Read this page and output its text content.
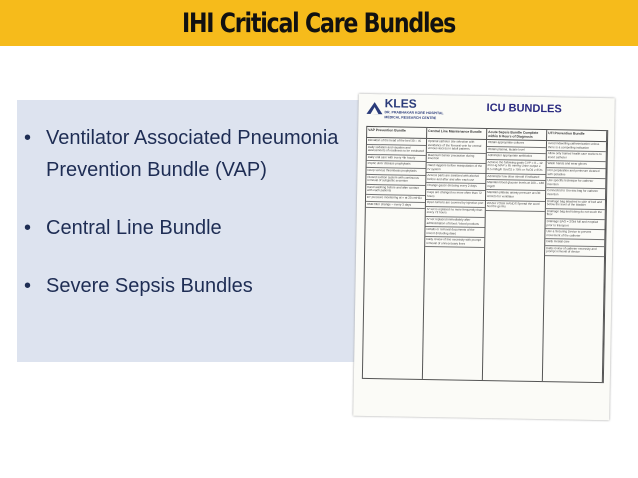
IHI Critical Care Bundles
• Ventilator Associated Pneumonia Prevention Bundle (VAP)
• Central Line Bundle
• Severe Sepsis Bundles
KLES
DR. PRABHAKAR KORE HOSPITAL
MEDICAL RESEARCH CENTRE
ICU BUNDLES
VAP Prevention Bundle	Central Line Maintenance Bundle	Acute Sepsis Bundle Complete within 6 Hours of Diagnosis
UTI Prevention Bundle
Elevation of the head of the bed 30 – 45
Daily sedation and vacation and assessments of readiness to be extubated
Daily oral care with every 4th hourly
Peptic ulcer disease prophylaxis
Deep venous thrombosis prophylaxis
Closed suction system with continuous removal of subglottic secretion
Hand washing before and after contact with each patients
ET pressure monitoring at = at 20 cmH2o
HME filter change – every 3 days
Optimal catheter site selection with avoidance of the femoral vein for central venous access in adult patients
Maximum barrier precaution during insertion
Hand Hygiene before manipulation of the IV system
Access parts are sanitized with alcohol before and after and after each use
Change gauze dressing every 2 days
Caps are changed no more often than 72 hours
Open lumens are covered by injection port
IV set is replaced no more frequently than every 72 hours
IV set replaced immediately after administration of blood / blood products
Details or removal documents of the recent (including date)
Daily review of line necessity with prompt removal of unnecessary lines
Obtain appropriate cultures
Obtain plasma, lactate level
Administer appropriate antibiotics
Achieve the following goals CVP = 8 – 12 mm Hg MAP ≥ 65 mmHg Urine output ≥ 0.5 ml/kg/h ScvO2 ≥ 70% or SvO2 ≥ 65%
Administer low dose steroid if indicated
Maintain blood glucose levels at 100 – 180 mg/dl
Maintain plateau airway pressure at ≤30 cmH2o for ventilator
WASH YOUR HANDS Spread the word Not the germs
Avoid indwelling catheterization unless there is a compelling indication
Allow only trained health care workers to insert catheter
Wash hands and wear gloves
Peri preparation and perineum cleaned with Betadine
Use specific technique for catheter insertion
Connected to Uro-sac bag for catheter insertion
Drainage bag attached to side of bed and below the level of the bladder
Drainage bag and tubing do not touch the floor
Drainage BAG = 2/3rd full and emptied prior to transport
Use a Securing Device to prevent movement of the catheter
Daily meatal care
Daily review of catheter necessity and prompt removal of device
